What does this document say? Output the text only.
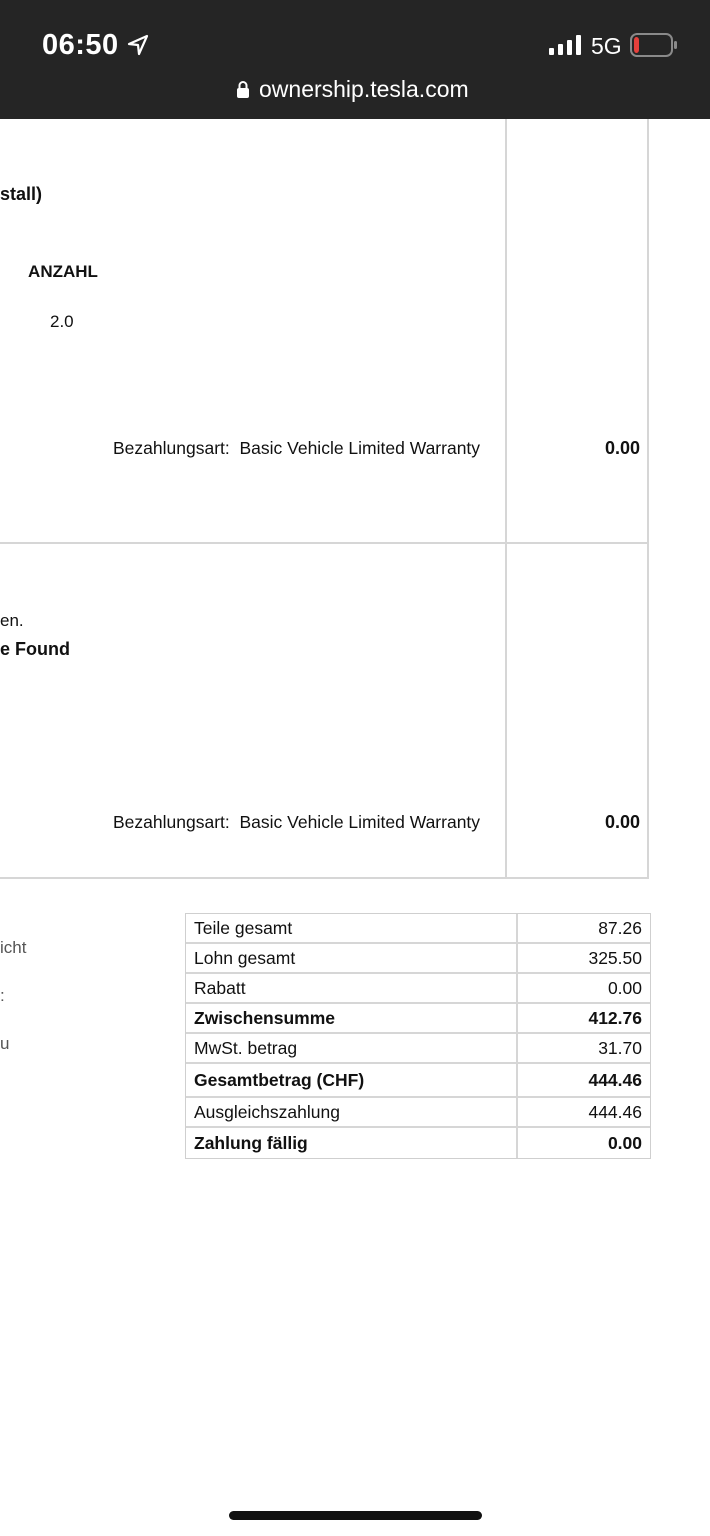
06:50	5G
ownership.tesla.com
stall)
ANZAHL
2.0
Bezahlungsart: Basic Vehicle Limited Warranty	0.00
en.
e Found
Bezahlungsart: Basic Vehicle Limited Warranty	0.00
icht
:
u
Teile gesamt	87.26
Lohn gesamt	325.50
Rabatt	0.00
Zwischensumme	412.76
MwSt. betrag	31.70
Gesamtbetrag (CHF)	444.46
Ausgleichszahlung	444.46
Zahlung fällig	0.00
